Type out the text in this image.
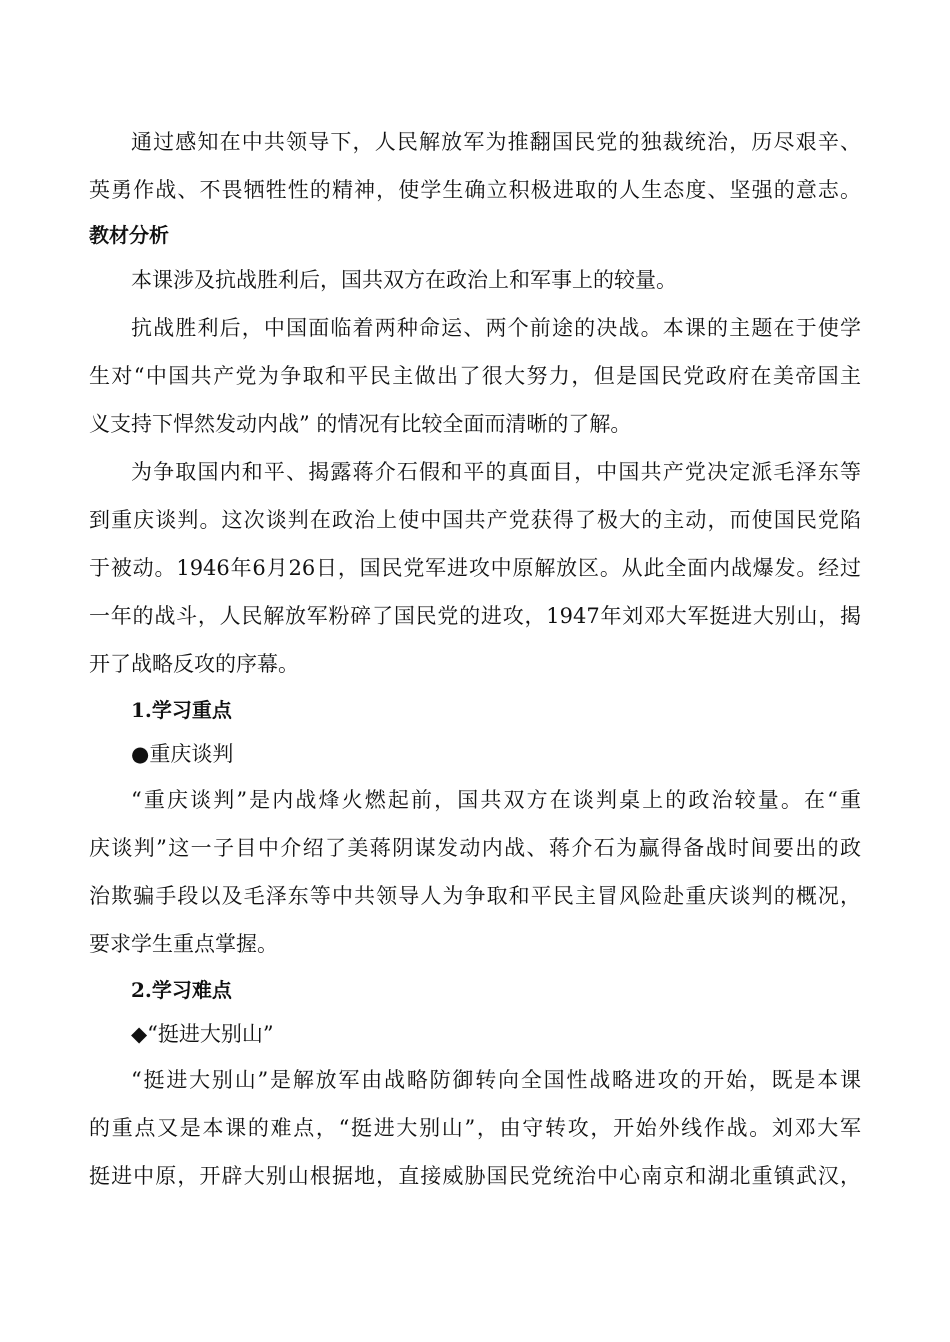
通过感知在中共领导下，人民解放军为推翻国民党的独裁统治，历尽艰辛、
英勇作战、不畏牺牲性的精神，使学生确立积极进取的人生态度、坚强的意志。
教材分析
本课涉及抗战胜利后，国共双方在政治上和军事上的较量。
抗战胜利后，中国面临着两种命运、两个前途的决战。本课的主题在于使学
生对“中国共产党为争取和平民主做出了很大努力，但是国民党政府在美帝国主
义支持下悍然发动内战” 的情况有比较全面而清晰的了解。
为争取国内和平、揭露蒋介石假和平的真面目，中国共产党决定派毛泽东等
到重庆谈判。这次谈判在政治上使中国共产党获得了极大的主动，而使国民党陷
于被动。1946年6月26日，国民党军进攻中原解放区。从此全面内战爆发。经过
一年的战斗，人民解放军粉碎了国民党的进攻，1947年刘邓大军挺进大别山，揭
开了战略反攻的序幕。
1.学习重点
●重庆谈判
“重庆谈判”是内战烽火燃起前，国共双方在谈判桌上的政治较量。在“重
庆谈判”这一子目中介绍了美蒋阴谋发动内战、蒋介石为赢得备战时间要出的政
治欺骗手段以及毛泽东等中共领导人为争取和平民主冒风险赴重庆谈判的概况，
要求学生重点掌握。
2.学习难点
◆“挺进大别山”
“挺进大别山”是解放军由战略防御转向全国性战略进攻的开始，既是本课
的重点又是本课的难点，“挺进大别山”，由守转攻，开始外线作战。刘邓大军
挺进中原，开辟大别山根据地，直接威胁国民党统治中心南京和湖北重镇武汉，
